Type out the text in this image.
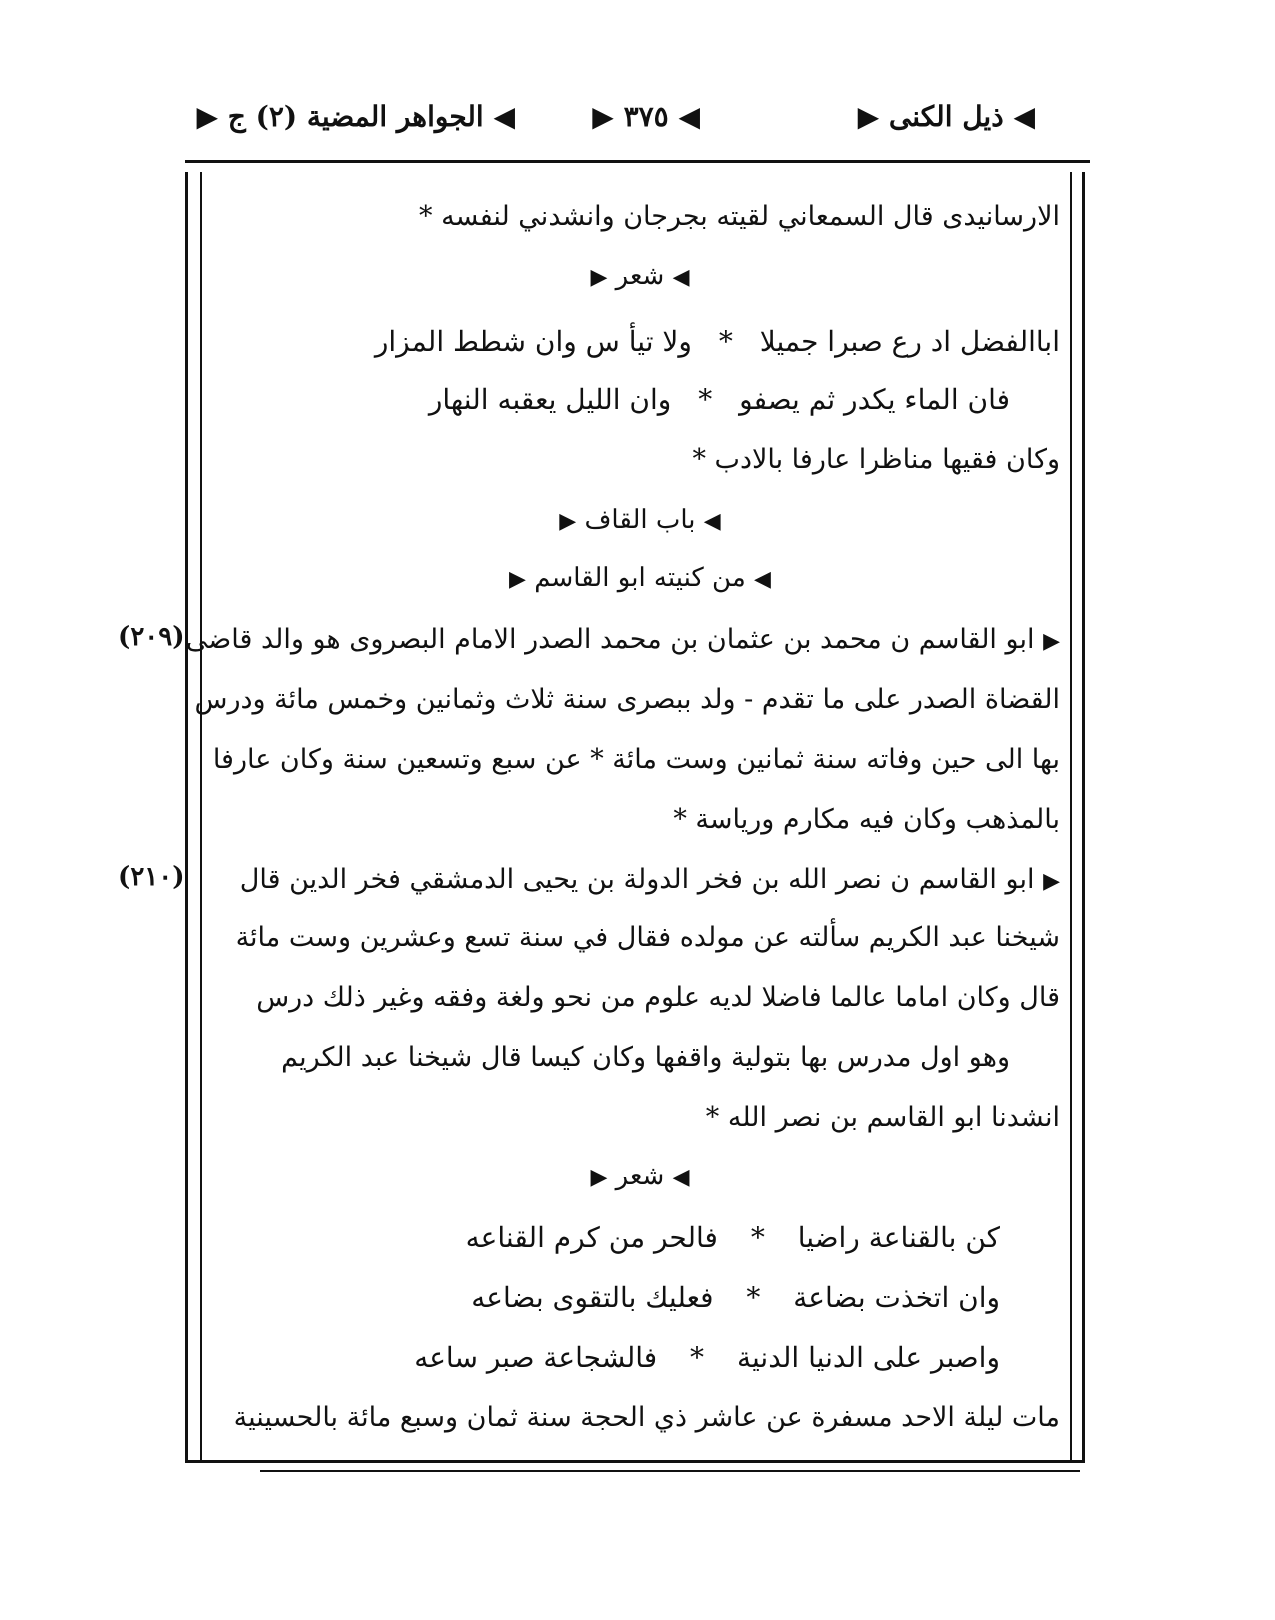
◀ ذيل الكنى ▶
◀ ٣٧٥ ▶
◀ الجواهر المضية (٢) ج ▶
الارسانيدى قال السمعاني لقيته بجرجان وانشدني لنفسه *
◀ شعر ▶
اباالفضل اد رع صبرا جميلا * ولا تيأ س وان شطط المزار
فان الماء يكدر ثم يصفو * وان الليل يعقبه النهار
وكان فقيها مناظرا عارفا بالادب *
◀ باب القاف ▶
◀ من كنيته ابو القاسم ▶
(٢٠٩)	▶ ابو القاسم ن محمد بن عثمان بن محمد الصدر الامام البصروى هو والد قاضى
القضاة الصدر على ما تقدم - ولد ببصرى سنة ثلاث وثمانين وخمس مائة ودرس
بها الى حين وفاته سنة ثمانين وست مائة * عن سبع وتسعين سنة وكان عارفا
بالمذهب وكان فيه مكارم ورياسة *
(٢١٠)	▶ ابو القاسم ن نصر الله بن فخر الدولة بن يحيى الدمشقي فخر الدين قال
شيخنا عبد الكريم سألته عن مولده فقال في سنة تسع وعشرين وست مائة
قال وكان اماما عالما فاضلا لديه علوم من نحو ولغة وفقه وغير ذلك درس
وهو اول مدرس بها بتولية واقفها وكان كيسا قال شيخنا عبد الكريم
انشدنا ابو القاسم بن نصر الله *
◀ شعر ▶
كن بالقناعة راضيا * فالحر من كرم القناعه
وان اتخذت بضاعة * فعليك بالتقوى بضاعه
واصبر على الدنيا الدنية * فالشجاعة صبر ساعه
مات ليلة الاحد مسفرة عن عاشر ذي الحجة سنة ثمان وسبع مائة بالحسينية
